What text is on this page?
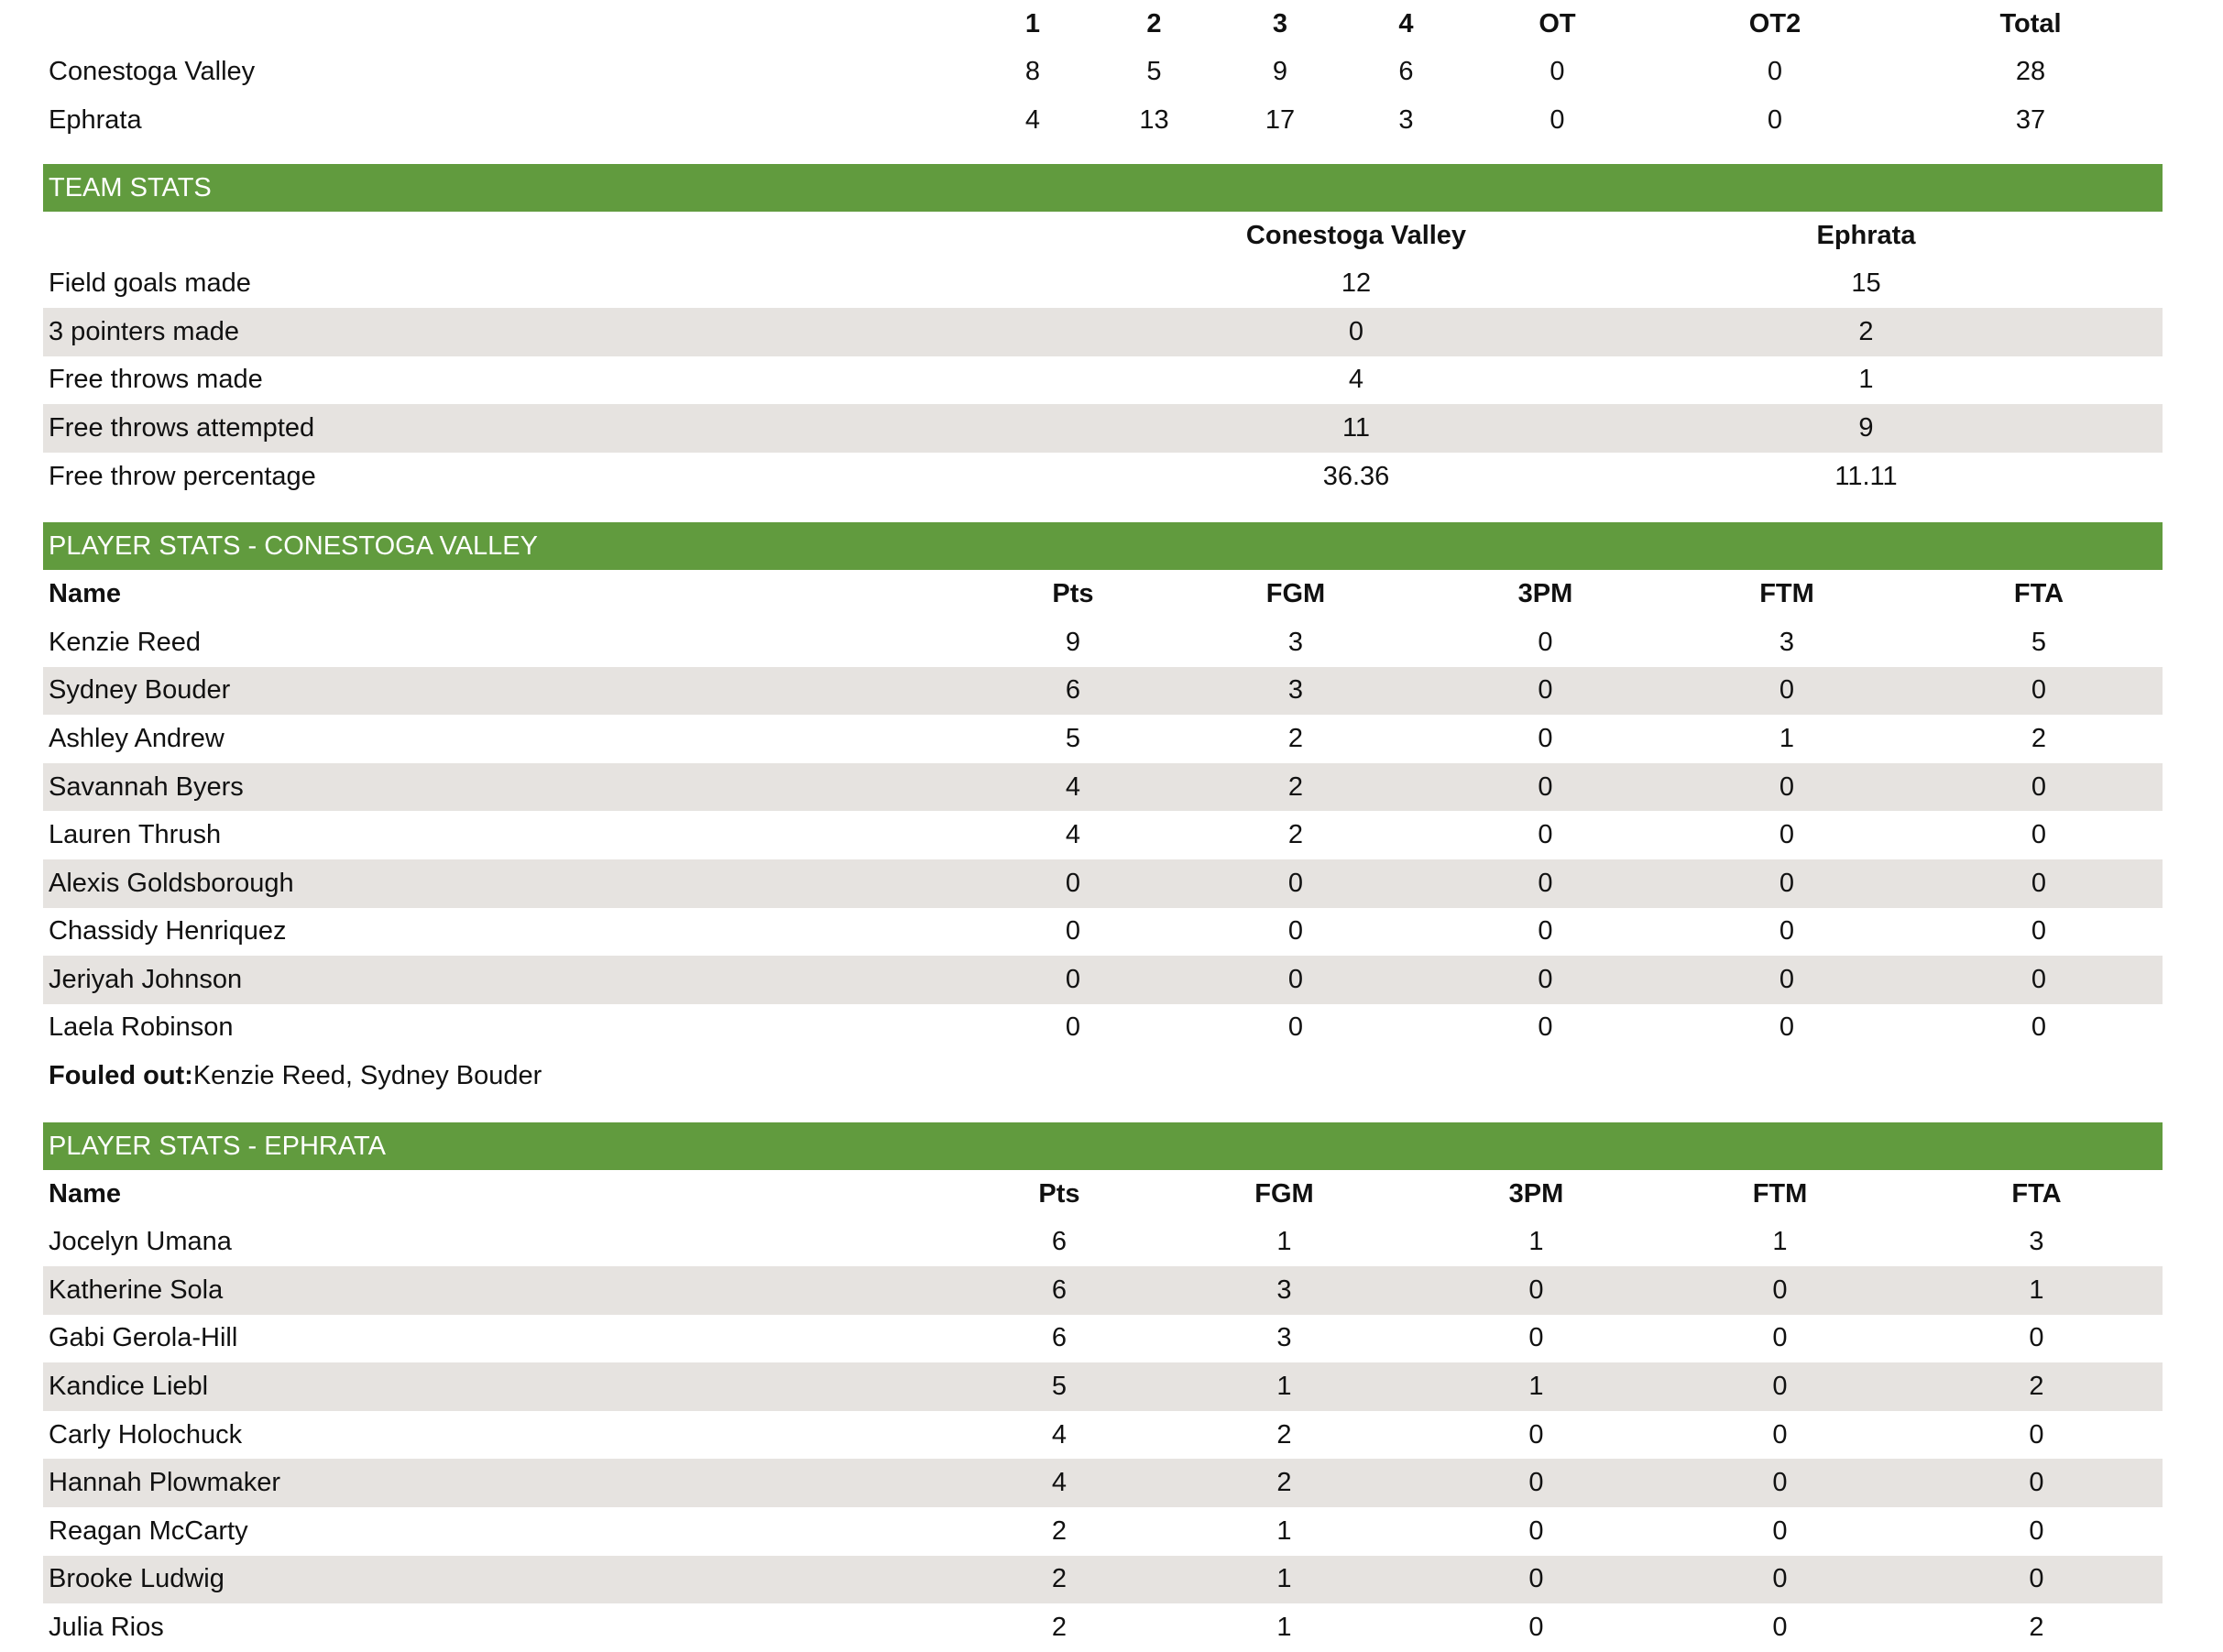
	1	2	3	4	OT	OT2	Total
Conestoga Valley	8	5	9	6	0	0	28
Ephrata	4	13	17	3	0	0	37
TEAM STATS
	Conestoga Valley	Ephrata
Field goals made	12	15
3 pointers made	0	2
Free throws made	4	1
Free throws attempted	11	9
Free throw percentage	36.36	11.11
PLAYER STATS - CONESTOGA VALLEY
Name	Pts	FGM	3PM	FTM	FTA
Kenzie Reed	9	3	0	3	5
Sydney Bouder	6	3	0	0	0
Ashley Andrew	5	2	0	1	2
Savannah Byers	4	2	0	0	0
Lauren Thrush	4	2	0	0	0
Alexis Goldsborough	0	0	0	0	0
Chassidy Henriquez	0	0	0	0	0
Jeriyah Johnson	0	0	0	0	0
Laela Robinson	0	0	0	0	0
Fouled out:Kenzie Reed, Sydney Bouder
PLAYER STATS - EPHRATA
Name	Pts	FGM	3PM	FTM	FTA
Jocelyn Umana	6	1	1	1	3
Katherine Sola	6	3	0	0	1
Gabi Gerola-Hill	6	3	0	0	0
Kandice Liebl	5	1	1	0	2
Carly Holochuck	4	2	0	0	0
Hannah Plowmaker	4	2	0	0	0
Reagan McCarty	2	1	0	0	0
Brooke Ludwig	2	1	0	0	0
Julia Rios	2	1	0	0	2
